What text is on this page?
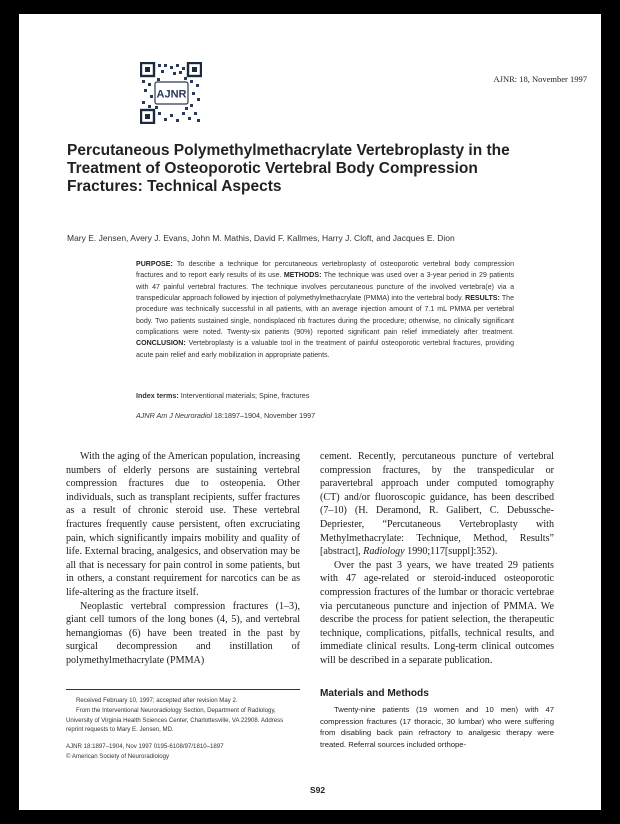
AJNR
AJNR: 18, November 1997
Percutaneous Polymethylmethacrylate Vertebroplasty in the Treatment of Osteoporotic Vertebral Body Compression Fractures: Technical Aspects
Mary E. Jensen, Avery J. Evans, John M. Mathis, David F. Kallmes, Harry J. Cloft, and Jacques E. Dion

PURPOSE: To describe a technique for percutaneous vertebroplasty of osteoporotic vertebral body compression fractures and to report early results of its use. METHODS: The technique was used over a 3-year period in 29 patients with 47 painful vertebral fractures. The technique involves percutaneous puncture of the involved vertebra(e) via a transpedicular approach followed by injection of polymethylmethacrylate (PMMA) into the vertebral body. RESULTS: The procedure was technically successful in all patients, with an average injection amount of 7.1 mL PMMA per vertebral body. Two patients sustained single, nondisplaced rib fractures during the procedure; otherwise, no clinically significant complications were noted. Twenty-six patients (90%) reported significant pain relief immediately after treatment. CONCLUSION: Vertebroplasty is a valuable tool in the treatment of painful osteoporotic vertebral fractures, providing acute pain relief and early mobilization in appropriate patients.

Index terms: Interventional materials; Spine, fractures
AJNR Am J Neuroradiol 18:1897–1904, November 1997

With the aging of the American population, increasing numbers of elderly persons are sustaining vertebral compression fractures due to osteopenia. Other individuals, such as transplant recipients, suffer fractures as a result of chronic steroid use. These vertebral fractures frequently cause persistent, often excruciating pain, which significantly impairs mobility and quality of life. External bracing, analgesics, and observation may be all that is necessary for pain control in some patients, but in others, a constant requirement for narcotics can be as life-altering as the fracture itself.

Neoplastic vertebral compression fractures (1–3), giant cell tumors of the long bones (4, 5), and vertebral hemangiomas (6) have been treated in the past by surgical decompression and instillation of polymethylmethacrylate (PMMA)

cement. Recently, percutaneous puncture of vertebral compression fractures, by the transpedicular or paravertebral approach under computed tomography (CT) and/or fluoroscopic guidance, has been described (7–10) (H. Deramond, R. Galibert, C. Debussche-Depriester, “Percutaneous Vertebroplasty with Methylmethacrylate: Technique, Method, Results” [abstract], Radiology 1990;117[suppl]:352).

Over the past 3 years, we have treated 29 patients with 47 age-related or steroid-induced osteoporotic compression fractures of the lumbar or thoracic vertebrae via percutaneous puncture and injection of PMMA. We describe the process for patient selection, the therapeutic technique, complications, pitfalls, technical results, and immediate clinical results. Long-term clinical outcomes will be described in a separate publication.

Received February 10, 1997; accepted after revision May 2.

From the Interventional Neuroradiology Section, Department of Radiology, University of Virginia Health Sciences Center, Charlottesville, VA 22908. Address reprint requests to Mary E. Jensen, MD.

AJNR 18:1897–1904, Nov 1997 0195-6108/97/1810–1897

© American Society of Neuroradiology

Materials and Methods

Twenty-nine patients (19 women and 10 men) with 47 compression fractures (17 thoracic, 30 lumbar) who were suffering from disabling back pain refractory to analgesic therapy were treated. Referral sources included orthope-

S92
